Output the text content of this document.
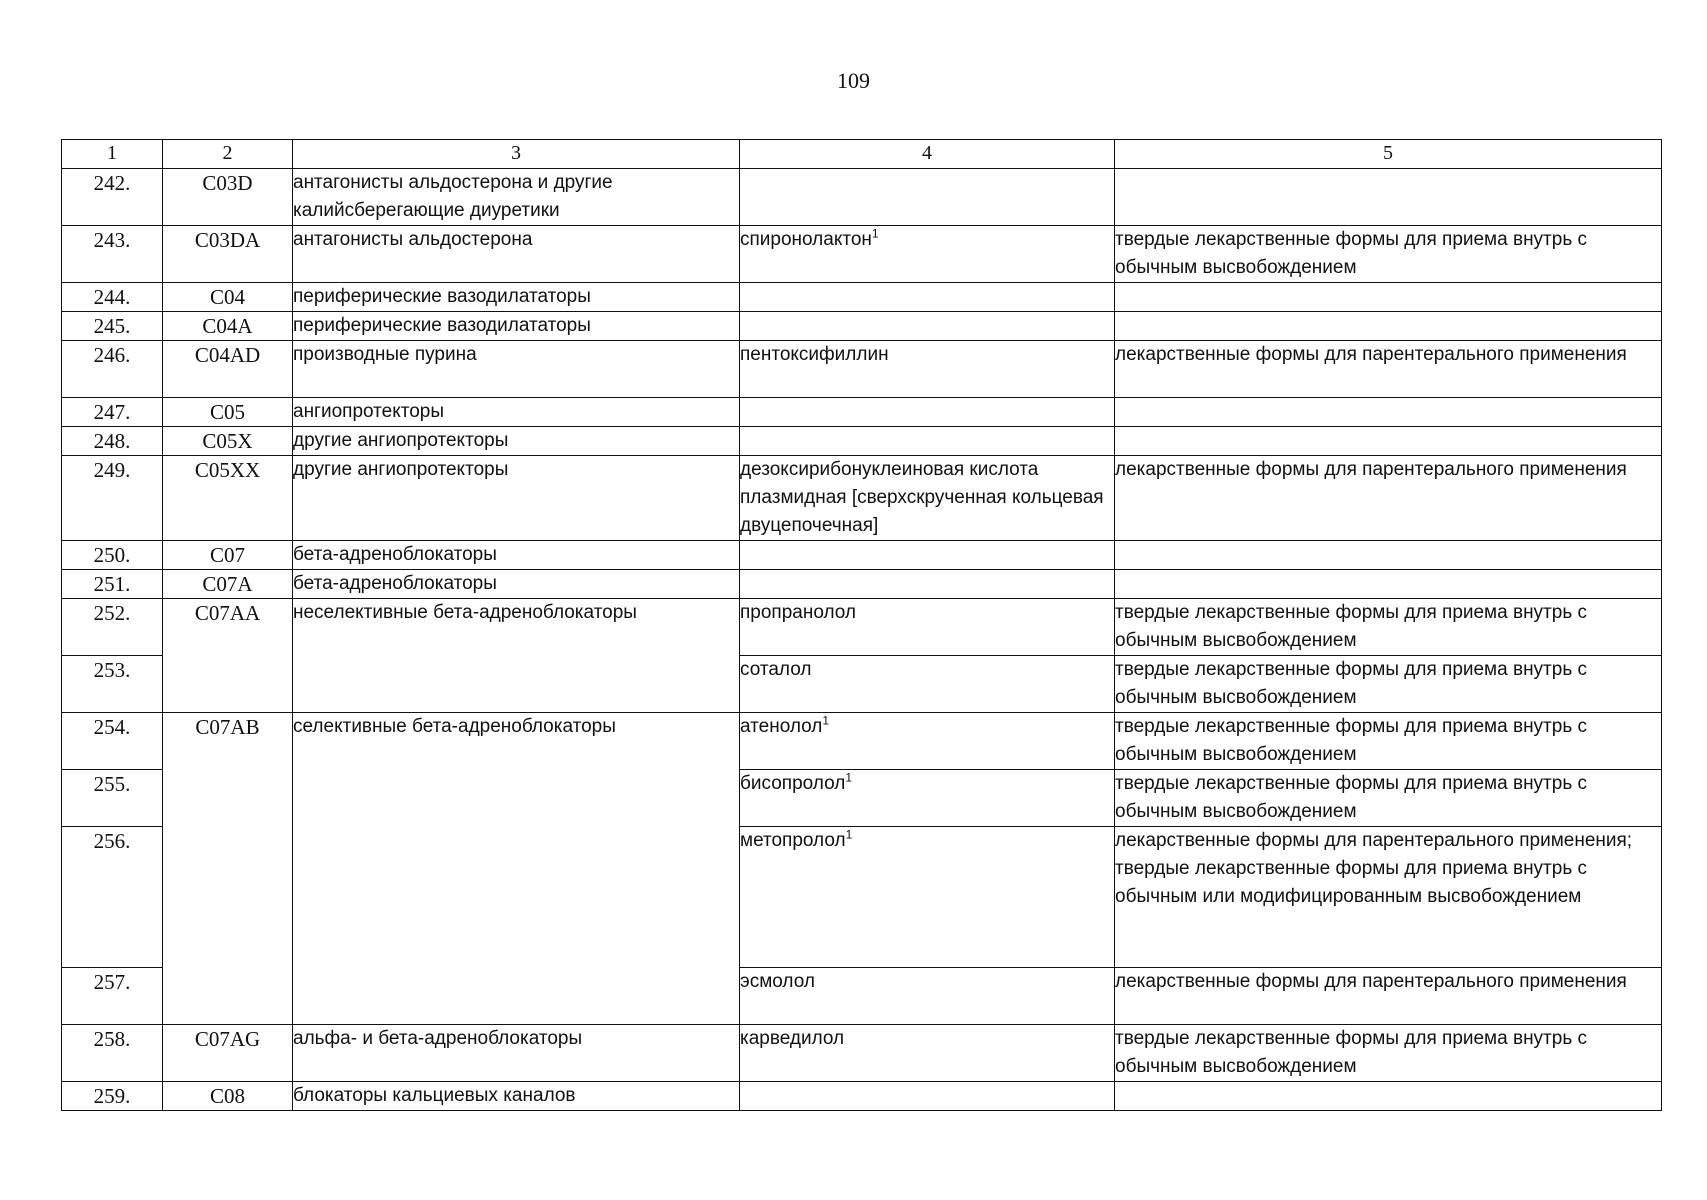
109
1	2	3	4	5
242.	C03D	антагонисты альдостерона и другие калийсберегающие диуретики		
243.	C03DA	антагонисты альдостерона	спиронолактон$^1$	твердые лекарственные формы для приема внутрь с обычным высвобождением
244.	C04	периферические вазодилататоры		
245.	C04A	периферические вазодилататоры		
246.	C04AD	производные пурина	пентоксифиллин	лекарственные формы для парентерального применения
247.	C05	ангиопротекторы		
248.	C05X	другие ангиопротекторы		
249.	C05XX	другие ангиопротекторы	дезоксирибонуклеиновая кислота плазмидная [сверхскрученная кольцевая двуцепочечная]	лекарственные формы для парентерального применения
250.	C07	бета-адреноблокаторы		
251.	C07A	бета-адреноблокаторы		
252.	C07AA	неселективные бета-адреноблокаторы	пропранолол	твердые лекарственные формы для приема внутрь с обычным высвобождением
253.			соталол	твердые лекарственные формы для приема внутрь с обычным высвобождением
254.	C07AB	селективные бета-адреноблокаторы	атенолол$^1$	твердые лекарственные формы для приема внутрь с обычным высвобождением
255.			бисопролол$^1$	твердые лекарственные формы для приема внутрь с обычным высвобождением
256.			метопролол$^1$	лекарственные формы для парентерального применения;
твердые лекарственные формы для приема внутрь с обычным или модифицированным высвобождением

257.			эсмолол	лекарственные формы для парентерального применения
258.	C07AG	альфа- и бета-адреноблокаторы	карведилол	твердые лекарственные формы для приема внутрь с обычным высвобождением
259.	C08	блокаторы кальциевых каналов		
